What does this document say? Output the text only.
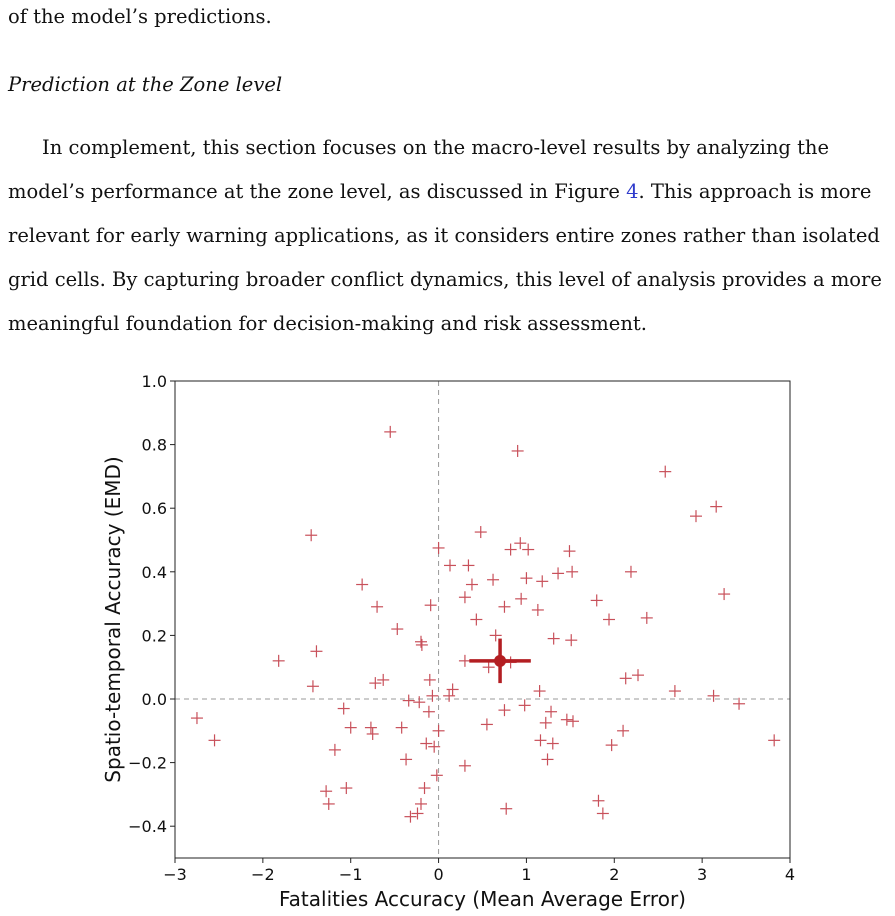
of the model’s predictions.
Prediction at the Zone level
In complement, this section focuses on the macro-level results by analyzing the
model’s performance at the zone level, as discussed in Figure 4. This approach is more
relevant for early warning applications, as it considers entire zones rather than isolated
grid cells. By capturing broader conflict dynamics, this level of analysis provides a more
meaningful foundation for decision-making and risk assessment.
−3	−2	−1	0	1	2	3	4
−0.4
−0.2
0.0
0.2
0.4
0.6
0.8
1.0
Fatalities Accuracy (Mean Average Error)
Spatio-temporal Accuracy (EMD)
